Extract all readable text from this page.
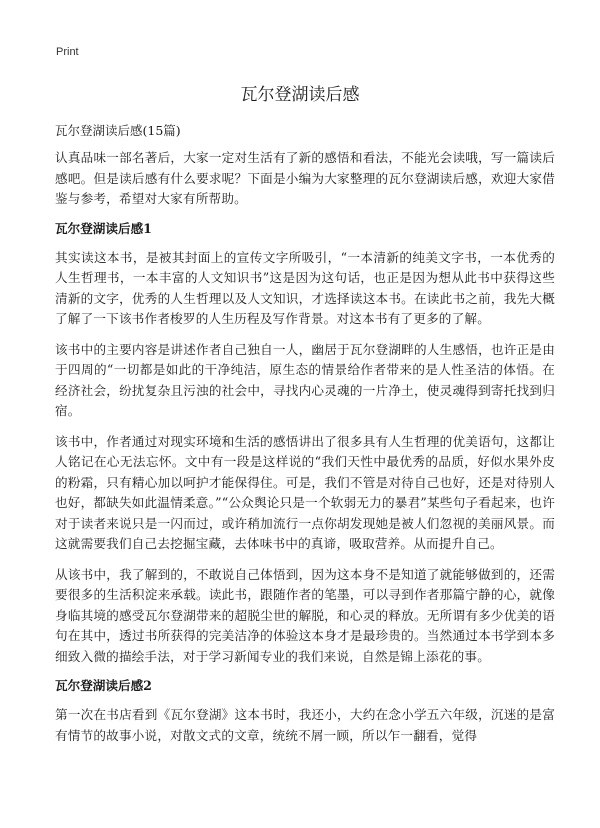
Print
瓦尔登湖读后感
瓦尔登湖读后感(15篇)

认真品味一部名著后，大家一定对生活有了新的感悟和看法，不能光会读哦，写一篇读后感吧。但是读后感有什么要求呢？下面是小编为大家整理的瓦尔登湖读后感，欢迎大家借鉴与参考，希望对大家有所帮助。

瓦尔登湖读后感1

其实读这本书，是被其封面上的宣传文字所吸引，“一本清新的纯美文字书，一本优秀的人生哲理书，一本丰富的人文知识书”这是因为这句话，也正是因为想从此书中获得这些清新的文字，优秀的人生哲理以及人文知识，才选择读这本书。在读此书之前，我先大概了解了一下该书作者梭罗的人生历程及写作背景。对这本书有了更多的了解。

该书中的主要内容是讲述作者自己独自一人，幽居于瓦尔登湖畔的人生感悟，也许正是由于四周的“一切都是如此的干净纯洁，原生态的情景给作者带来的是人性圣洁的体悟。在经济社会，纷扰复杂且污浊的社会中，寻找内心灵魂的一片净土，使灵魂得到寄托找到归宿。

该书中，作者通过对现实环境和生活的感悟讲出了很多具有人生哲理的优美语句，这都让人铭记在心无法忘怀。文中有一段是这样说的“我们天性中最优秀的品质，好似水果外皮的粉霜，只有精心加以呵护才能保得住。可是，我们不管是对待自己也好，还是对待别人也好，都缺失如此温情柔意。”“公众舆论只是一个软弱无力的暴君”某些句子看起来，也许对于读者来说只是一闪而过，或许稍加流行一点你胡发现她是被人们忽视的美丽风景。而这就需要我们自己去挖掘宝藏，去体味书中的真谛，吸取营养。从而提升自己。

从该书中，我了解到的，不敢说自己体悟到，因为这本身不是知道了就能够做到的，还需要很多的生活积淀来承载。读此书，跟随作者的笔墨，可以寻到作者那篇宁静的心，就像身临其境的感受瓦尔登湖带来的超脱尘世的解脱，和心灵的释放。无所谓有多少优美的语句在其中，透过书所获得的完美洁净的体验这本身才是最珍贵的。当然通过本书学到本多细致入微的描绘手法，对于学习新闻专业的我们来说，自然是锦上添花的事。

瓦尔登湖读后感2

第一次在书店看到《瓦尔登湖》这本书时，我还小，大约在念小学五六年级，沉迷的是富有情节的故事小说，对散文式的文章，统统不屑一顾，所以乍一翻看，觉得
